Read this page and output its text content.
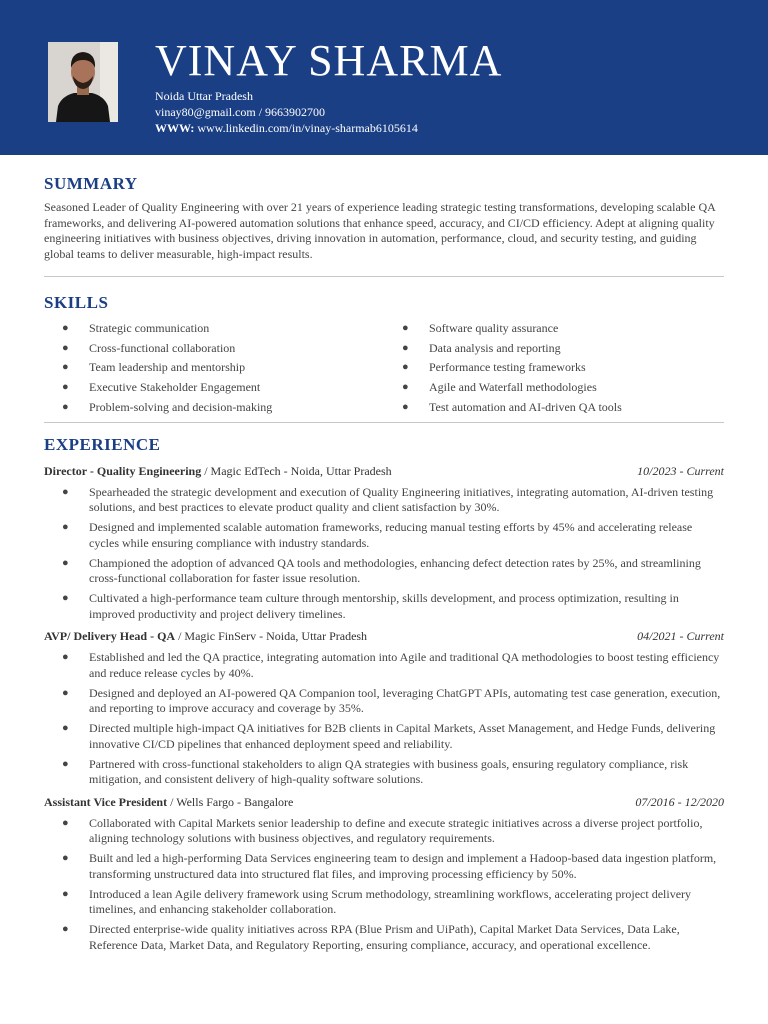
VINAY SHARMA
Noida Uttar Pradesh
vinay80@gmail.com / 9663902700
WWW: www.linkedin.com/in/vinay-sharmab6105614
SUMMARY

Seasoned Leader of Quality Engineering with over 21 years of experience leading strategic testing transformations, developing scalable QA frameworks, and delivering AI-powered automation solutions that enhance speed, accuracy, and CI/CD efficiency. Adept at aligning quality engineering initiatives with business objectives, driving innovation in automation, performance, cloud, and security testing, and guiding global teams to deliver measurable, high-impact results.

SKILLS
● Strategic communication
● Cross-functional collaboration
● Team leadership and mentorship
● Executive Stakeholder Engagement
● Problem-solving and decision-making
● Software quality assurance
● Data analysis and reporting
● Performance testing frameworks
● Agile and Waterfall methodologies
● Test automation and AI-driven QA tools
EXPERIENCE
Director - Quality Engineering / Magic EdTech - Noida, Uttar Pradesh	10/2023 - Current
● Spearheaded the strategic development and execution of Quality Engineering initiatives, integrating automation, AI-driven testing solutions, and best practices to elevate product quality and client satisfaction by 30%.
● Designed and implemented scalable automation frameworks, reducing manual testing efforts by 45% and accelerating release cycles while ensuring compliance with industry standards.
● Championed the adoption of advanced QA tools and methodologies, enhancing defect detection rates by 25%, and streamlining cross-functional collaboration for faster issue resolution.
● Cultivated a high-performance team culture through mentorship, skills development, and process optimization, resulting in improved productivity and project delivery timelines.
AVP/ Delivery Head - QA / Magic FinServ - Noida, Uttar Pradesh	04/2021 - Current
● Established and led the QA practice, integrating automation into Agile and traditional QA methodologies to boost testing efficiency and reduce release cycles by 40%.
● Designed and deployed an AI-powered QA Companion tool, leveraging ChatGPT APIs, automating test case generation, execution, and reporting to improve accuracy and coverage by 35%.
● Directed multiple high-impact QA initiatives for B2B clients in Capital Markets, Asset Management, and Hedge Funds, delivering innovative CI/CD pipelines that enhanced deployment speed and reliability.
● Partnered with cross-functional stakeholders to align QA strategies with business goals, ensuring regulatory compliance, risk mitigation, and consistent delivery of high-quality software solutions.
Assistant Vice President / Wells Fargo - Bangalore	07/2016 - 12/2020
● Collaborated with Capital Markets senior leadership to define and execute strategic initiatives across a diverse project portfolio, aligning technology solutions with business objectives, and regulatory requirements.
● Built and led a high-performing Data Services engineering team to design and implement a Hadoop-based data ingestion platform, transforming unstructured data into structured flat files, and improving processing efficiency by 50%.
● Introduced a lean Agile delivery framework using Scrum methodology, streamlining workflows, accelerating project delivery timelines, and enhancing stakeholder collaboration.
● Directed enterprise-wide quality initiatives across RPA (Blue Prism and UiPath), Capital Market Data Services, Data Lake, Reference Data, Market Data, and Regulatory Reporting, ensuring compliance, accuracy, and operational excellence.
